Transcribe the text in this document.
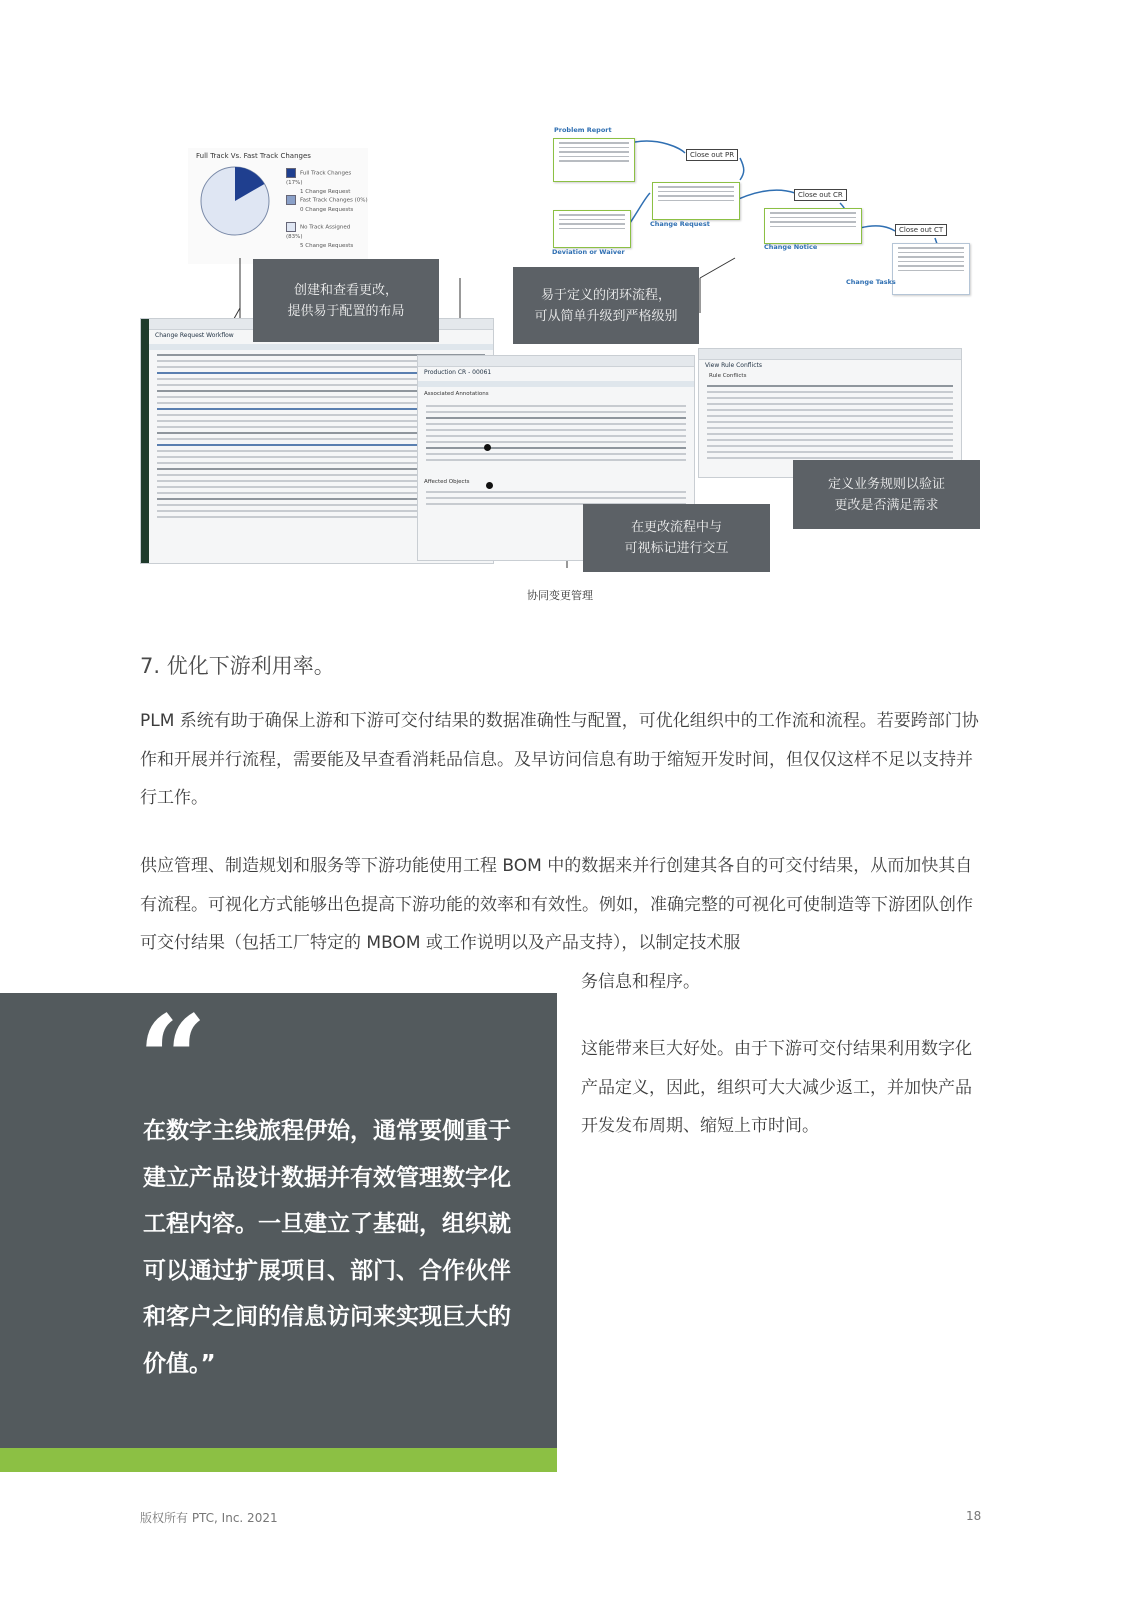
Full Track Vs. Fast Track Changes
Full Track Changes (17%)
1 Change Request
Fast Track Changes (0%)
0 Change Requests
No Track Assigned (83%)
5 Change Requests
Problem Report
Close out PR
Change Request
Close out CR
Deviation or Waiver
Change Notice
Close out CT
Change Tasks
Change Request Workflow
Production CR - 00061
Associated Annotations
Affected Objects
View Rule Conflicts
Rule Conflicts
创建和查看更改，
提供易于配置的布局
易于定义的闭环流程，
可从简单升级到严格级别
定义业务规则以验证
更改是否满足需求
在更改流程中与
可视标记进行交互
协同变更管理
7. 优化下游利用率。
PLM 系统有助于确保上游和下游可交付结果的数据准确性与配置，可优化组织中的工作流和流程。若要跨部门协作和开展并行流程，需要能及早查看消耗品信息。及早访问信息有助于缩短开发时间，但仅仅这样不足以支持并行工作。
供应管理、制造规划和服务等下游功能使用工程 BOM 中的数据来并行创建其各自的可交付结果，从而加快其自有流程。可视化方式能够出色提高下游功能的效率和有效性。例如，准确完整的可视化可使制造等下游团队创作可交付结果（包括工厂特定的 MBOM 或工作说明以及产品支持），以制定技术服
务信息和程序。
这能带来巨大好处。由于下游可交付结果利用数字化产品定义，因此，组织可大大减少返工，并加快产品开发发布周期、缩短上市时间。
“
在数字主线旅程伊始，通常要侧重于建立产品设计数据并有效管理数字化工程内容。一旦建立了基础，组织就可以通过扩展项目、部门、合作伙伴和客户之间的信息访问来实现巨大的价值。”
版权所有 PTC, Inc. 2021	18
